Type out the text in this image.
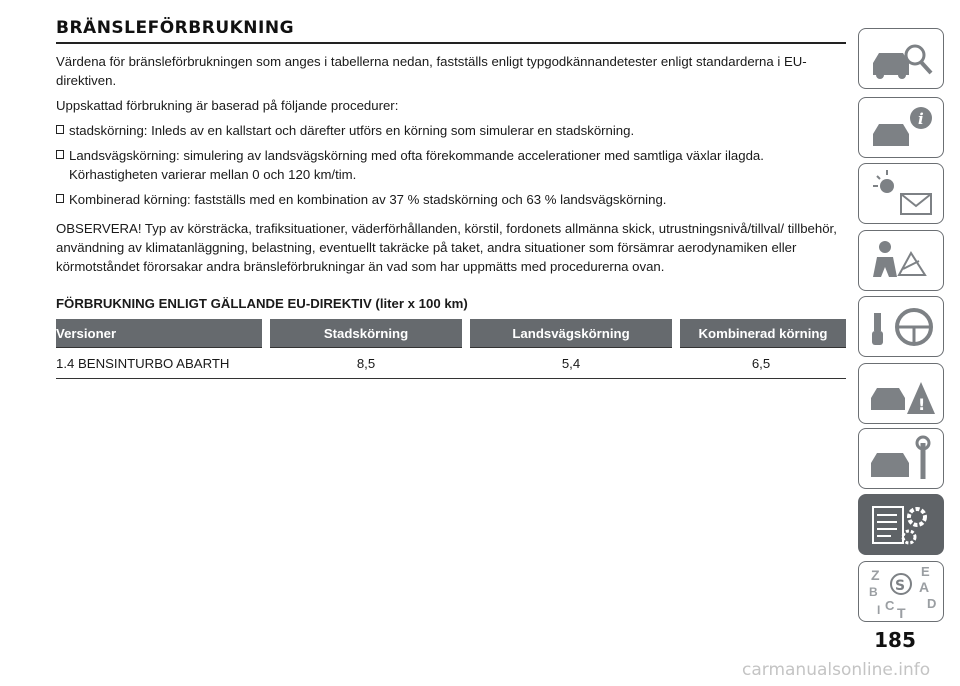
BRÄNSLEFÖRBRUKNING

Värdena för bränsleförbrukningen som anges i tabellerna nedan, fastställs enligt typgodkännandetester enligt standarderna i EU-direktiven.

Uppskattad förbrukning är baserad på följande procedurer:

stadskörning: Inleds av en kallstart och därefter utförs en körning som simulerar en stadskörning.
Landsvägskörning: simulering av landsvägskörning med ofta förekommande accelerationer med samtliga växlar ilagda. Körhastigheten varierar mellan 0 och 120 km/tim.
Kombinerad körning: fastställs med en kombination av 37 % stadskörning och 63 % landsvägskörning.

OBSERVERA! Typ av körsträcka, trafiksituationer, väderförhållanden, körstil, fordonets allmänna skick, utrustningsnivå/tillval/ tillbehör, användning av klimatanläggning, belastning, eventuellt takräcke på taket, andra situationer som försämrar aerodynamiken eller körmotståndet förorsakar andra bränsleförbrukningar än vad som har uppmätts med procedurerna ovan.

FÖRBRUKNING ENLIGT GÄLLANDE EU-DIREKTIV (liter x 100 km)

Versioner	Stadskörning	Landsvägskörning	Kombinerad körning
1.4 BENSINTURBO ABARTH	8,5	5,4	6,5
i
!
S
Z	E
A
B
D
C T
I
185
carmanualsonline.info
